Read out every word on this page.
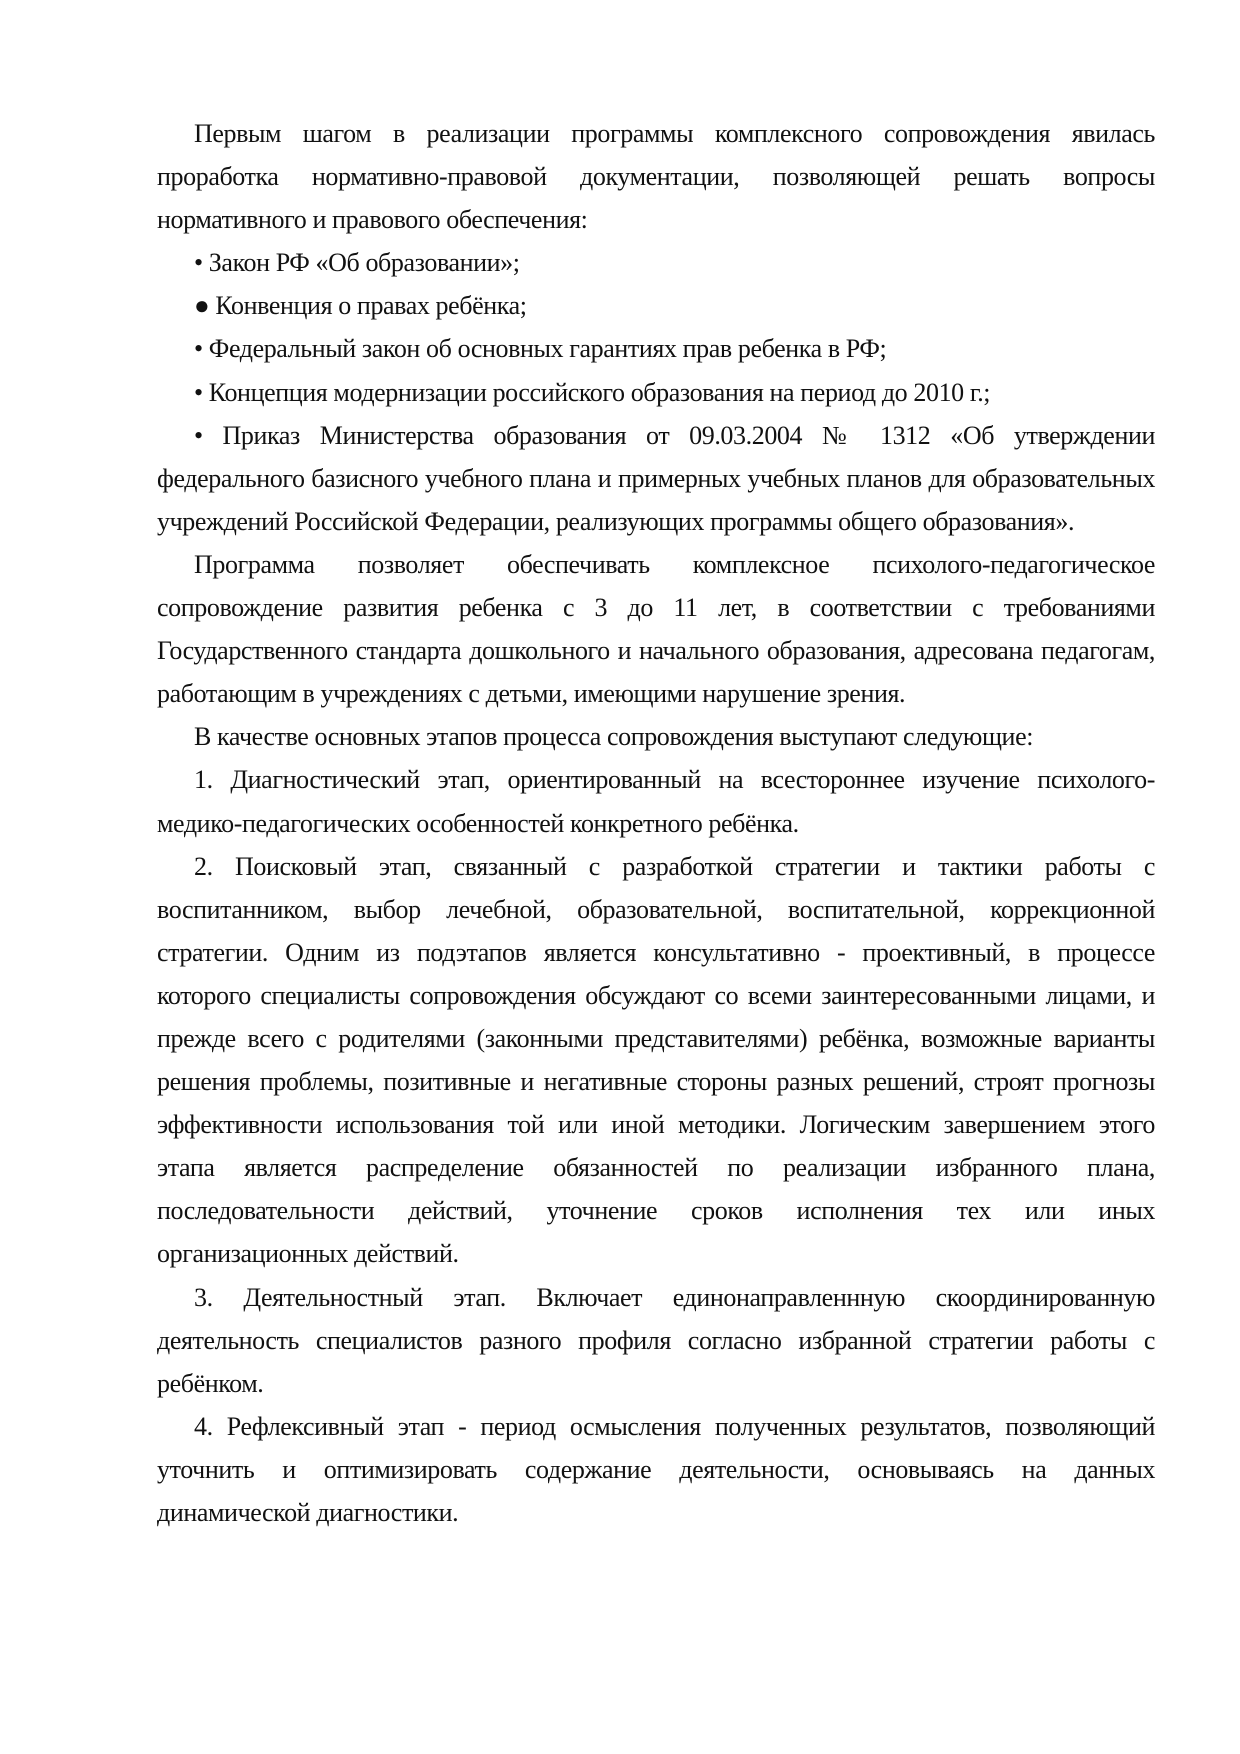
Первым шагом в реализации программы комплексного сопровождения явилась
проработка нормативно-правовой документации, позволяющей решать вопросы
нормативного и правового обеспечения:
• Закон РФ «Об образовании»;
● Конвенция о правах ребёнка;
• Федеральный закон об основных гарантиях прав ребенка в РФ;
• Концепция модернизации российского образования на период до 2010 г.;
• Приказ Министерства образования от 09.03.2004 № 1312 «Об утверждении
федерального базисного учебного плана и примерных учебных планов для образовательных
учреждений Российской Федерации, реализующих программы общего образования».
Программа позволяет обеспечивать комплексное психолого-педагогическое
сопровождение развития ребенка с 3 до 11 лет, в соответствии с требованиями
Государственного стандарта дошкольного и начального образования, адресована педагогам,
работающим в учреждениях с детьми, имеющими нарушение зрения.
В качестве основных этапов процесса сопровождения выступают следующие:
1. Диагностический этап, ориентированный на всестороннее изучение психолого-
медико-педагогических особенностей конкретного ребёнка.
2. Поисковый этап, связанный с разработкой стратегии и тактики работы с
воспитанником, выбор лечебной, образовательной, воспитательной, коррекционной
стратегии. Одним из подэтапов является консультативно - проективный, в процессе
которого специалисты сопровождения обсуждают со всеми заинтересованными лицами, и
прежде всего с родителями (законными представителями) ребёнка, возможные варианты
решения проблемы, позитивные и негативные стороны разных решений, строят прогнозы
эффективности использования той или иной методики. Логическим завершением этого
этапа является распределение обязанностей по реализации избранного плана,
последовательности действий, уточнение сроков исполнения тех или иных
организационных действий.
3. Деятельностный этап. Включает единонаправленнную скоординированную
деятельность специалистов разного профиля согласно избранной стратегии работы с
ребёнком.
4. Рефлексивный этап - период осмысления полученных результатов, позволяющий
уточнить и оптимизировать содержание деятельности, основываясь на данных
динамической диагностики.
